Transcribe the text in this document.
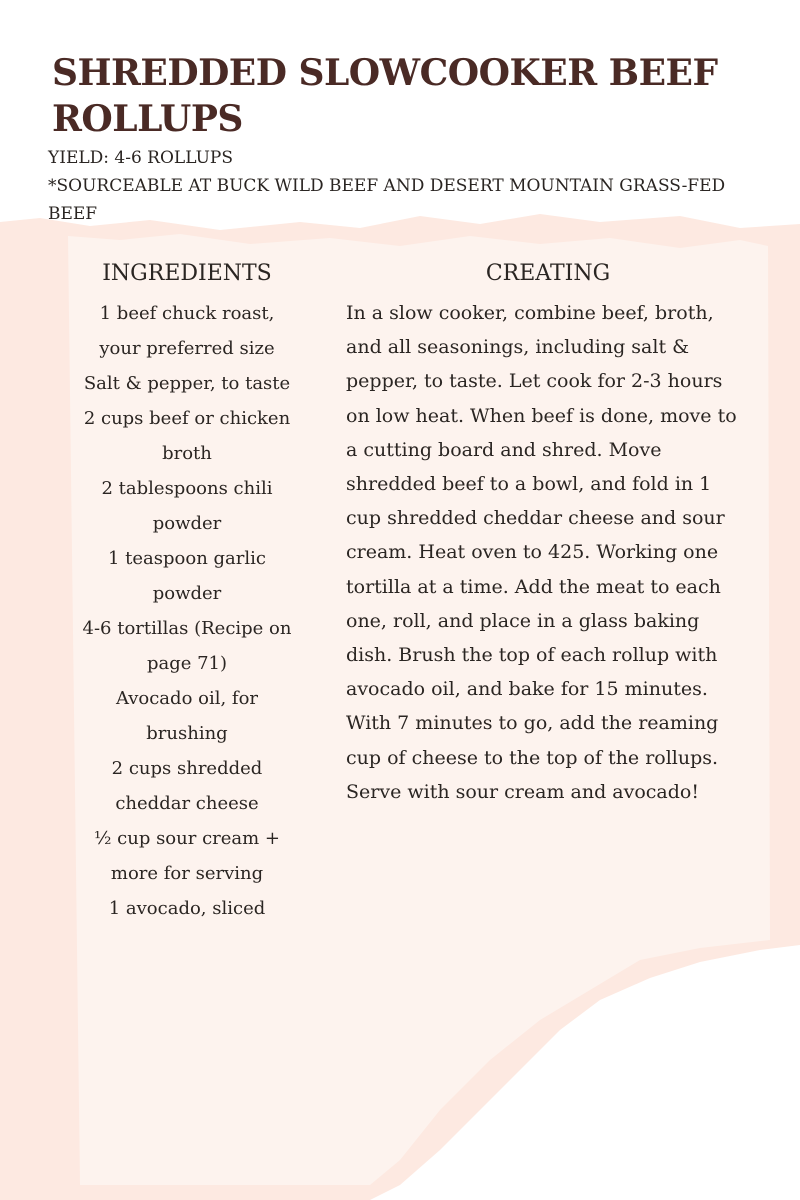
SHREDDED SLOWCOOKER BEEF ROLLUPS
YIELD: 4-6 ROLLUPS
*SOURCEABLE AT BUCK WILD BEEF AND DESERT MOUNTAIN GRASS-FED BEEF
INGREDIENTS
1 beef chuck roast, your preferred size
Salt & pepper, to taste
2 cups beef or chicken broth
2 tablespoons chili powder
1 teaspoon garlic powder
4-6 tortillas (Recipe on page 71)
Avocado oil, for brushing
2 cups shredded cheddar cheese
½ cup sour cream + more for serving
1 avocado, sliced
CREATING

In a slow cooker, combine beef, broth, and all seasonings, including salt & pepper, to taste. Let cook for 2-3 hours on low heat. When beef is done, move to a cutting board and shred. Move shredded beef to a bowl, and fold in 1 cup shredded cheddar cheese and sour cream. Heat oven to 425. Working one tortilla at a time. Add the meat to each one, roll, and place in a glass baking dish. Brush the top of each rollup with avocado oil, and bake for 15 minutes. With 7 minutes to go, add the reaming cup of cheese to the top of the rollups. Serve with sour cream and avocado!
